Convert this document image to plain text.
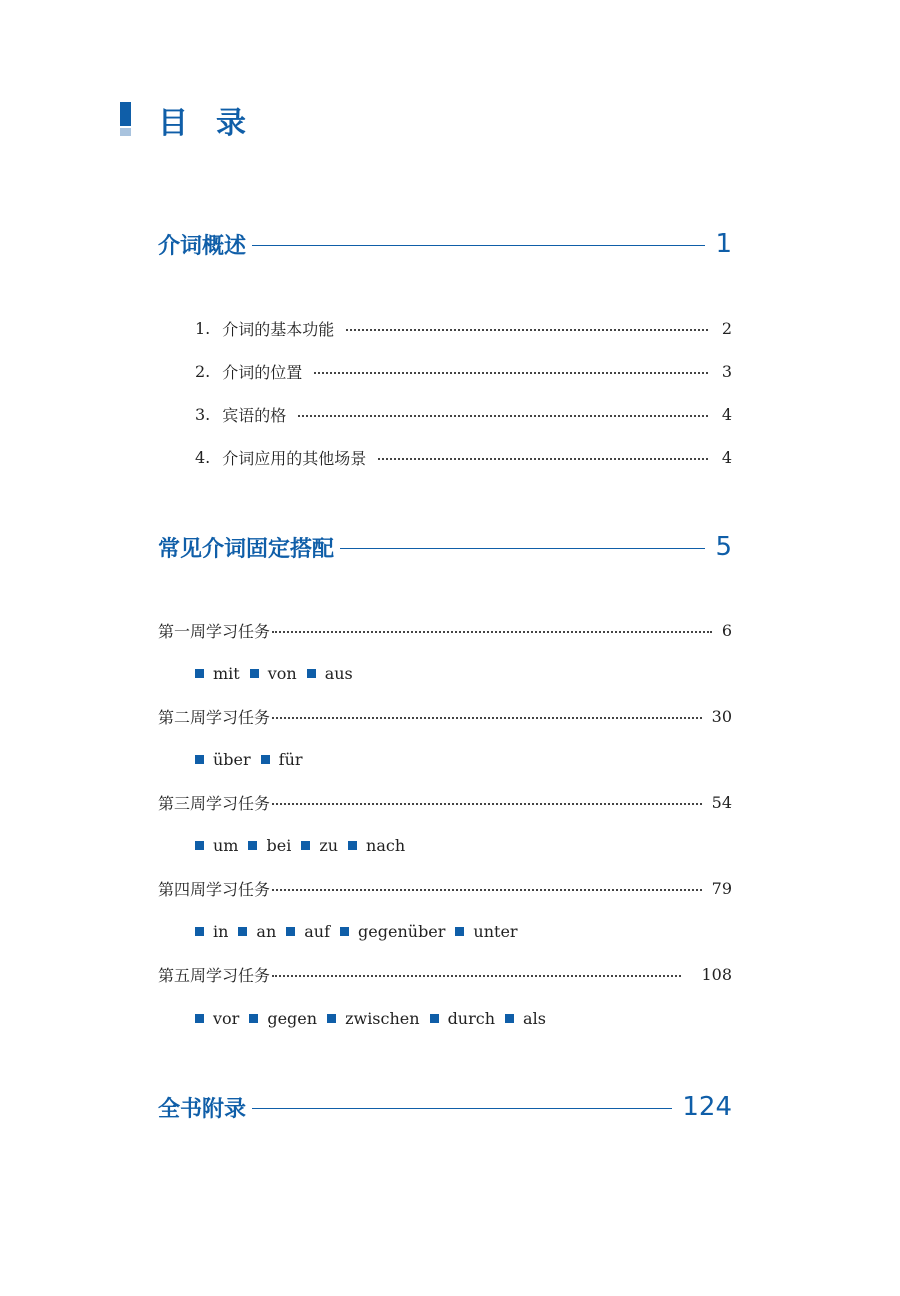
目录
介词概述	1
1. 介词的基本功能	2
2. 介词的位置	3
3. 宾语的格	4
4. 介词应用的其他场景	4
常见介词固定搭配	5
第一周学习任务	6
mit von aus
第二周学习任务	30
über für
第三周学习任务	54
um bei zu nach
第四周学习任务	79
in an auf gegenüber unter
第五周学习任务	108
vor gegen zwischen durch als
全书附录	124
